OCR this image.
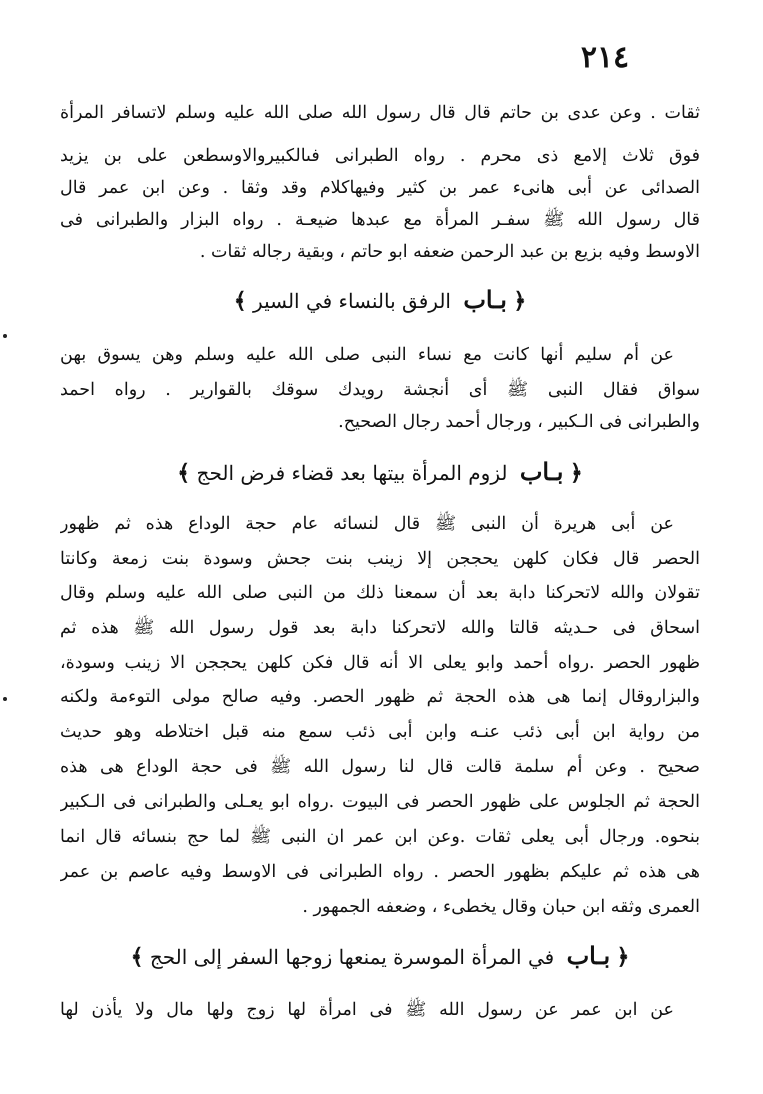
٢١٤
ثقات . وعن عدى بن حاتم قال قال رسول الله صلى الله عليه وسلم لاتسافر المرأة
فوق ثلاث إلامع ذى محرم . رواه الطبرانى فىالكبيروالاوسطعن على بن يزيد
الصدائى عن أبى هانىء عمر بن كثير وفيهاكلام وقد وثقا . وعن ابن عمر قال
قال رسول الله ﷺ سفـر المرأة مع عبدها ضيعـة . رواه البزار والطبرانى فى
الاوسط وفيه بزيع بن عبد الرحمن ضعفه ابو حاتم ، وبقية رجاله ثقات .
﴿ بـاب الرفق بالنساء في السير ﴾
عن أم سليم أنها كانت مع نساء النبى صلى الله عليه وسلم وهن يسوق بهن
سواق فقال النبى ﷺ أى أنجشة رويدك سوقك بالقوارير . رواه احمد
والطبرانى فى الـكبير ، ورجال أحمد رجال الصحيح.
﴿ بـاب لزوم المرأة بيتها بعد قضاء فرض الحج ﴾
عن أبى هريرة أن النبى ﷺ قال لنسائه عام حجة الوداع هذه ثم ظهور
الحصر قال فكان كلهن يحججن إلا زينب بنت جحش وسودة بنت زمعة وكانتا
تقولان والله لاتحركنا دابة بعد أن سمعنا ذلك من النبى صلى الله عليه وسلم وقال
اسحاق فى حـديثه قالتا والله لاتحركنا دابة بعد قول رسول الله ﷺ هذه ثم
ظهور الحصر .رواه أحمد وابو يعلى الا أنه قال فكن كلهن يحججن الا زينب وسودة،
والبزاروقال إنما هى هذه الحجة ثم ظهور الحصر. وفيه صالح مولى التوءمة ولكنه
من رواية ابن أبى ذئب عنـه وابن أبى ذئب سمع منه قبل اختلاطه وهو حديث
صحيح . وعن أم سلمة قالت قال لنا رسول الله ﷺ فى حجة الوداع هى هذه
الحجة ثم الجلوس على ظهور الحصر فى البيوت .رواه ابو يعـلى والطبرانى فى الـكبير
بنحوه. ورجال أبى يعلى ثقات .وعن ابن عمر ان النبى ﷺ لما حج بنسائه قال انما
هى هذه ثم عليكم بظهور الحصر . رواه الطبرانى فى الاوسط وفيه عاصم بن عمر
العمرى وثقه ابن حبان وقال يخطىء ، وضعفه الجمهور .
﴿ بـاب في المرأة الموسرة يمنعها زوجها السفر إلى الحج ﴾
عن ابن عمر عن رسول الله ﷺ فى امرأة لها زوج ولها مال ولا يأذن لها
